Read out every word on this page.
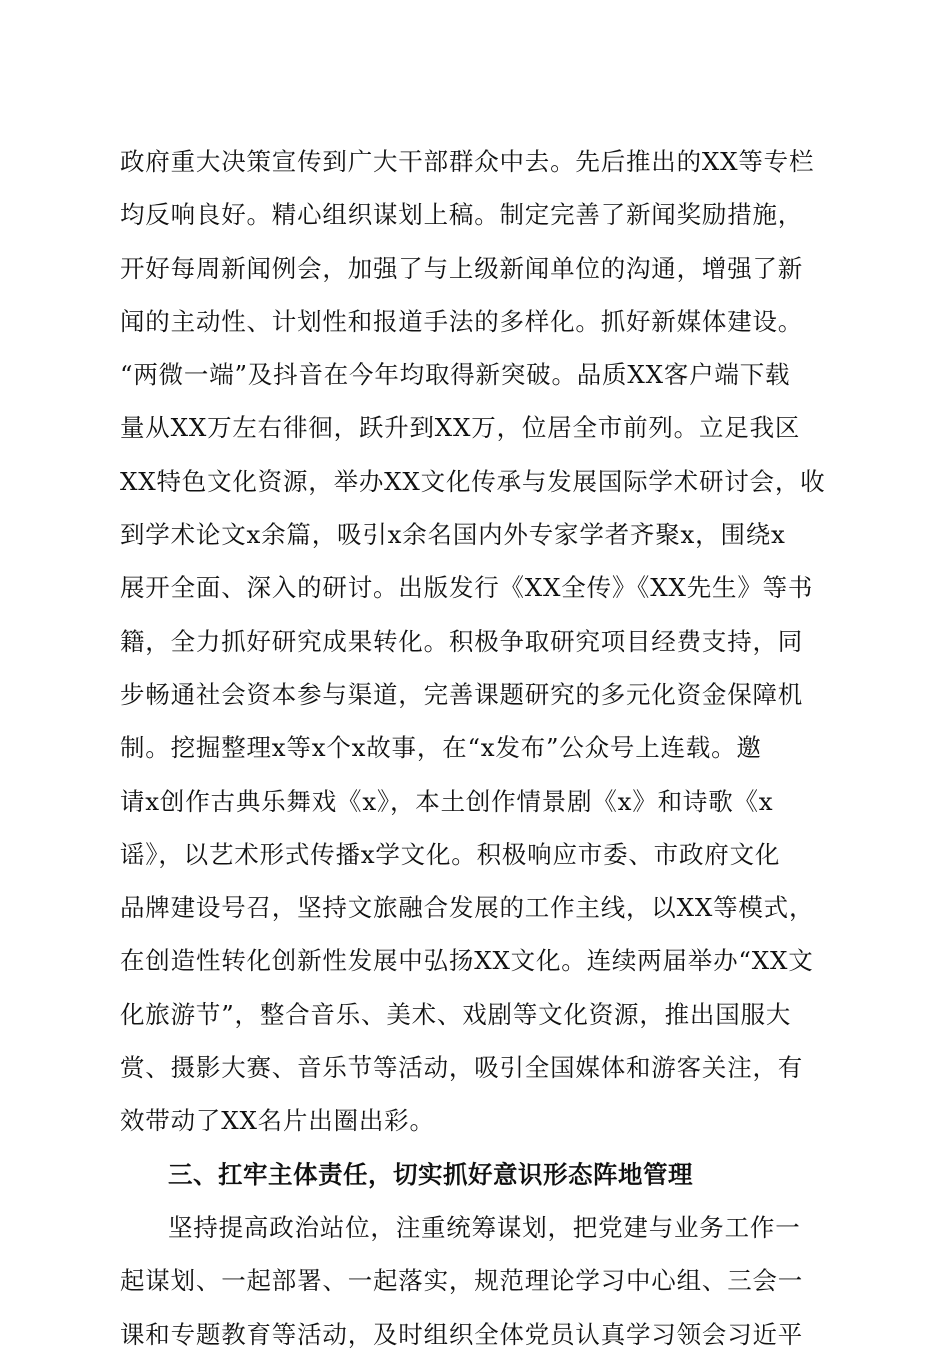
政府重大决策宣传到广大干部群众中去。先后推出的XX等专栏
均反响良好。精心组织谋划上稿。制定完善了新闻奖励措施，
开好每周新闻例会，加强了与上级新闻单位的沟通，增强了新
闻的主动性、计划性和报道手法的多样化。抓好新媒体建设。
“两微一端”及抖音在今年均取得新突破。品质XX客户端下载
量从XX万左右徘徊，跃升到XX万，位居全市前列。立足我区
XX特色文化资源，举办XX文化传承与发展国际学术研讨会，收
到学术论文x余篇，吸引x余名国内外专家学者齐聚x，围绕x
展开全面、深入的研讨。出版发行《XX全传》《XX先生》等书
籍，全力抓好研究成果转化。积极争取研究项目经费支持，同
步畅通社会资本参与渠道，完善课题研究的多元化资金保障机
制。挖掘整理x等x个x故事，在“x发布”公众号上连载。邀
请x创作古典乐舞戏《x》，本土创作情景剧《x》和诗歌《x
谣》，以艺术形式传播x学文化。积极响应市委、市政府文化
品牌建设号召，坚持文旅融合发展的工作主线，以XX等模式，
在创造性转化创新性发展中弘扬XX文化。连续两届举办“XX文
化旅游节”，整合音乐、美术、戏剧等文化资源，推出国服大
赏、摄影大赛、音乐节等活动，吸引全国媒体和游客关注，有
效带动了XX名片出圈出彩。
三、扛牢主体责任，切实抓好意识形态阵地管理
坚持提高政治站位，注重统筹谋划，把党建与业务工作一
起谋划、一起部署、一起落实，规范理论学习中心组、三会一
课和专题教育等活动，及时组织全体党员认真学习领会习近平
